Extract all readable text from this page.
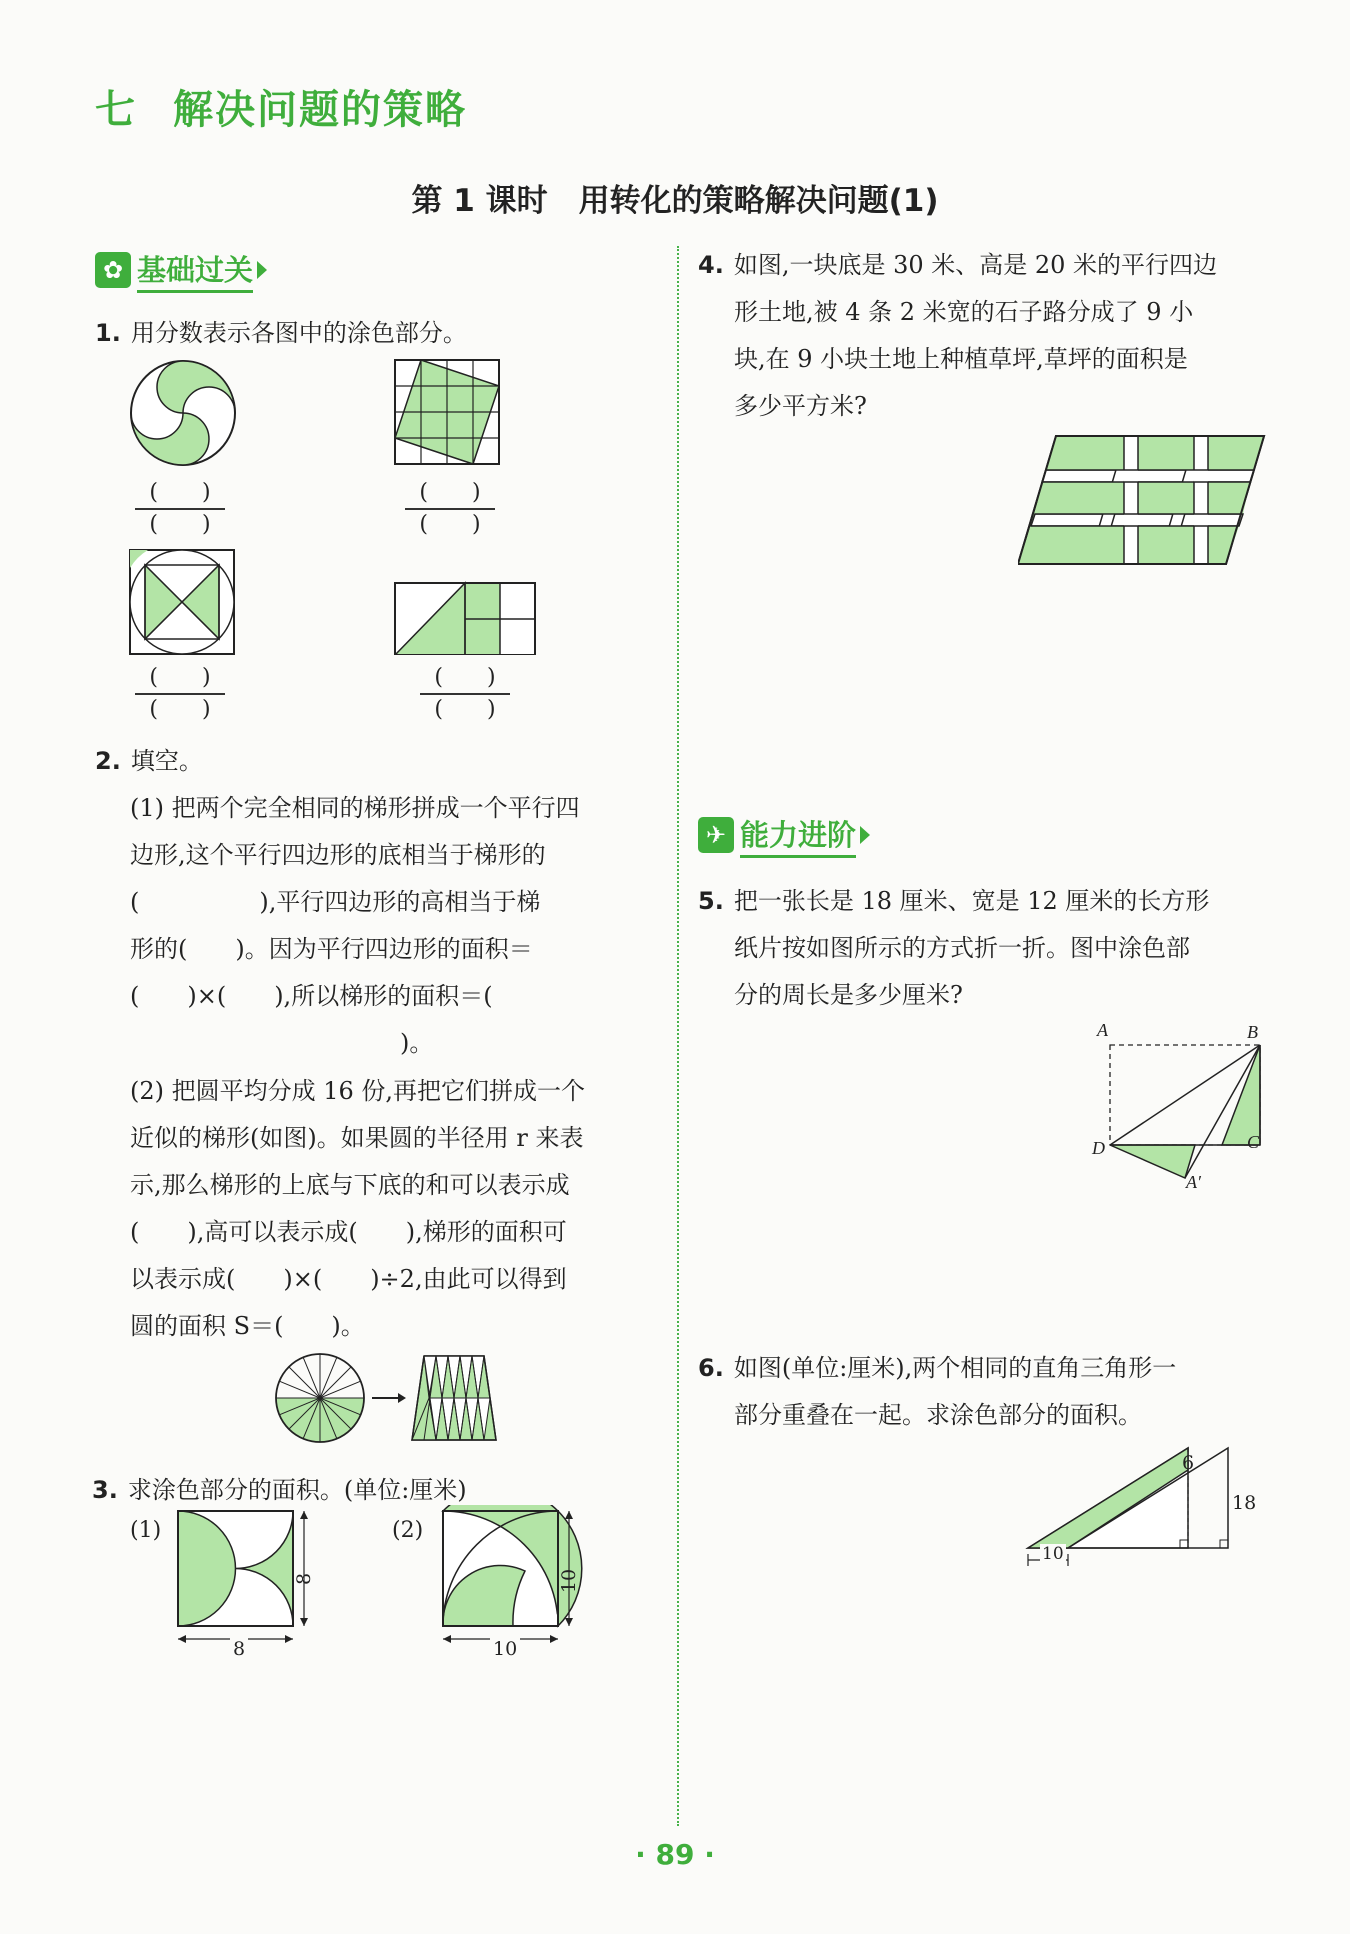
七 解决问题的策略
第 1 课时　用转化的策略解决问题(1)
✿ 基础过关
1. 用分数表示各图中的涂色部分。
(　　)
(　　)
(　　)
(　　)
(　　)
(　　)
(　　)
(　　)
2. 填空。
(1) 把两个完全相同的梯形拼成一个平行四
边形,这个平行四边形的底相当于梯形的
(　　　　　),平行四边形的高相当于梯
形的(　　)。因为平行四边形的面积＝
(　　)×(　　),所以梯形的面积＝(
　　　　　)。
(2) 把圆平均分成 16 份,再把它们拼成一个
近似的梯形(如图)。如果圆的半径用 r 来表
示,那么梯形的上底与下底的和可以表示成
(　　),高可以表示成(　　),梯形的面积可
以表示成(　　)×(　　)÷2,由此可以得到
圆的面积 S＝(　　)。
3. 求涂色部分的面积。(单位:厘米)
(1)	(2)
8
8
10
10
4. 如图,一块底是 30 米、高是 20 米的平行四边
形土地,被 4 条 2 米宽的石子路分成了 9 小
块,在 9 小块土地上种植草坪,草坪的面积是
多少平方米?
✈ 能力进阶
5. 把一张长是 18 厘米、宽是 12 厘米的长方形
纸片按如图所示的方式折一折。图中涂色部
分的周长是多少厘米?
A	B
C
D
A′
6. 如图(单位:厘米),两个相同的直角三角形一
部分重叠在一起。求涂色部分的面积。
6
18
10
· 89 ·
